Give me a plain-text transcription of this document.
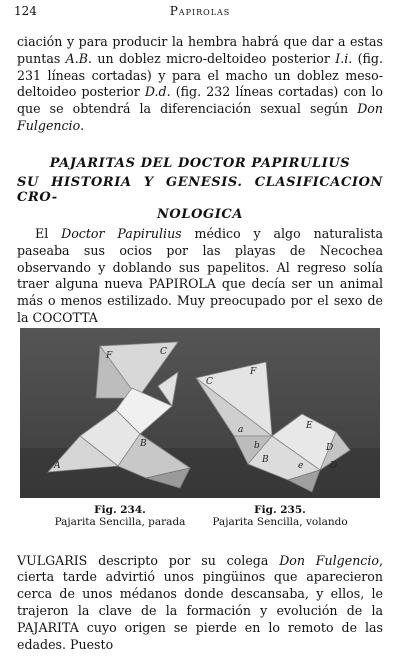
124	Papirolas

ciación y para producir la hembra habrá que dar a estas puntas A.B. un doblez micro-deltoideo posterior I.i. (fig. 231 líneas cortadas) y para el macho un doblez meso-deltoideo posterior D.d. (fig. 232 líneas cortadas) con lo que se obtendrá la diferenciación sexual según Don Fulgencio.

PAJARITAS DEL DOCTOR PAPIRULIUS
SU HISTORIA Y GENESIS. CLASIFICACION CRO-
NOLOGICA

El Doctor Papirulius médico y algo naturalista paseaba sus ocios por las playas de Necochea observando y doblando sus papelitos. Al regreso solía traer alguna nueva PAPIROLA que decía ser un animal más o menos estilizado. Muy preocupado por el sexo de la COCOTTA

F	C
B
A
F
C
a
b
E
B
e
D
D
Fig. 234.
Pajarita Sencilla, parada
Fig. 235.
Pajarita Sencilla, volando

VULGARIS descripto por su colega Don Fulgencio, cierta tarde advirtió unos pingüinos que aparecieron cerca de unos médanos donde descansaba, y ellos, le trajeron la clave de la formación y evolución de la PAJARITA cuyo origen se pierde en lo remoto de las edades. Puesto
